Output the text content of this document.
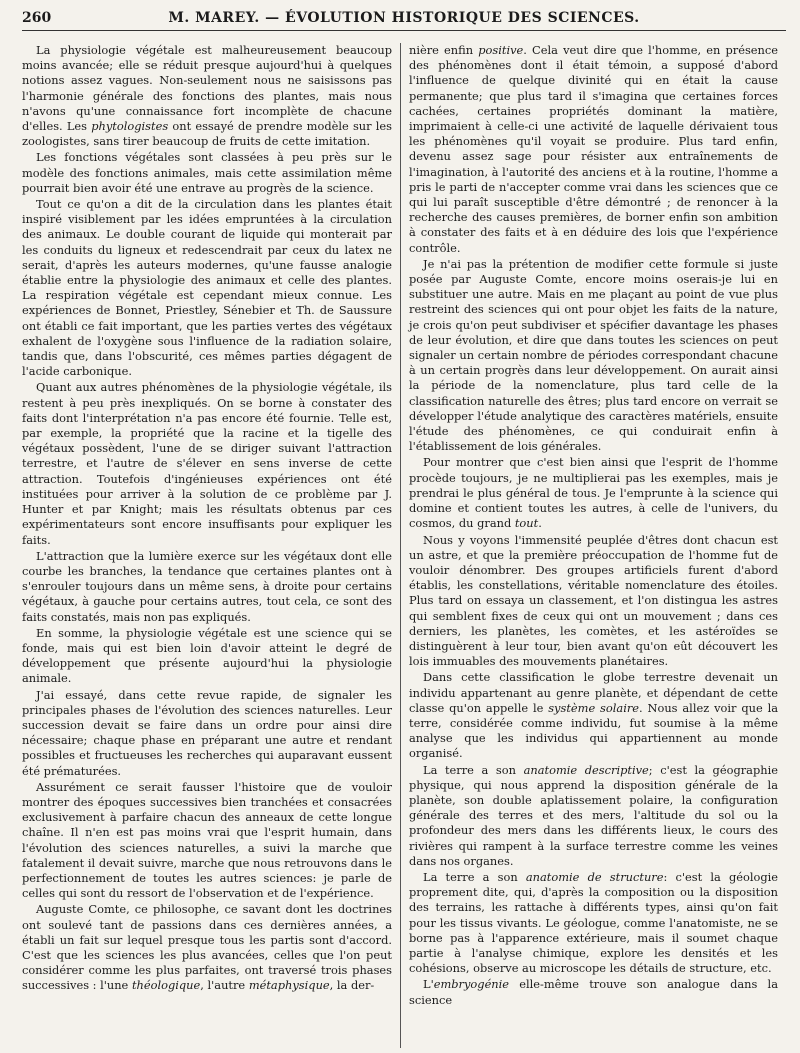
260	M. MAREY. — ÉVOLUTION HISTORIQUE DES SCIENCES.

La physiologie végétale est malheureusement beaucoup moins avancée; elle se réduit presque aujourd'hui à quelques notions assez vagues. Non-seulement nous ne saisissons pas l'harmonie générale des fonctions des plantes, mais nous n'avons qu'une connaissance fort incomplète de chacune d'elles. Les phytologistes ont essayé de prendre modèle sur les zoologistes, sans tirer beaucoup de fruits de cette imitation.

Les fonctions végétales sont classées à peu près sur le modèle des fonctions animales, mais cette assimilation même pourrait bien avoir été une entrave au progrès de la science.

Tout ce qu'on a dit de la circulation dans les plantes était inspiré visiblement par les idées empruntées à la circulation des animaux. Le double courant de liquide qui monterait par les conduits du ligneux et redescendrait par ceux du latex ne serait, d'après les auteurs modernes, qu'une fausse analogie établie entre la physiologie des animaux et celle des plantes. La respiration végétale est cependant mieux connue. Les expériences de Bonnet, Priestley, Sénebier et Th. de Saussure ont établi ce fait important, que les parties vertes des végétaux exhalent de l'oxygène sous l'influence de la radiation solaire, tandis que, dans l'obscurité, ces mêmes parties dégagent de l'acide carbonique.

Quant aux autres phénomènes de la physiologie végétale, ils restent à peu près inexpliqués. On se borne à constater des faits dont l'interprétation n'a pas encore été fournie. Telle est, par exemple, la propriété que la racine et la tigelle des végétaux possèdent, l'une de se diriger suivant l'attraction terrestre, et l'autre de s'élever en sens inverse de cette attraction. Toutefois d'ingénieuses expériences ont été instituées pour arriver à la solution de ce problème par J. Hunter et par Knight; mais les résultats obtenus par ces expérimentateurs sont encore insuffisants pour expliquer les faits.

L'attraction que la lumière exerce sur les végétaux dont elle courbe les branches, la tendance que certaines plantes ont à s'enrouler toujours dans un même sens, à droite pour certains végétaux, à gauche pour certains autres, tout cela, ce sont des faits constatés, mais non pas expliqués.

En somme, la physiologie végétale est une science qui se fonde, mais qui est bien loin d'avoir atteint le degré de développement que présente aujourd'hui la physiologie animale.

J'ai essayé, dans cette revue rapide, de signaler les principales phases de l'évolution des sciences naturelles. Leur succession devait se faire dans un ordre pour ainsi dire nécessaire; chaque phase en préparant une autre et rendant possibles et fructueuses les recherches qui auparavant eussent été prématurées.

Assurément ce serait fausser l'histoire que de vouloir montrer des époques successives bien tranchées et consacrées exclusivement à parfaire chacun des anneaux de cette longue chaîne. Il n'en est pas moins vrai que l'esprit humain, dans l'évolution des sciences naturelles, a suivi la marche que fatalement il devait suivre, marche que nous retrouvons dans le perfectionnement de toutes les autres sciences: je parle de celles qui sont du ressort de l'observation et de l'expérience.

Auguste Comte, ce philosophe, ce savant dont les doctrines ont soulevé tant de passions dans ces dernières années, a établi un fait sur lequel presque tous les partis sont d'accord. C'est que les sciences les plus avancées, celles que l'on peut considérer comme les plus parfaites, ont traversé trois phases successives : l'une théologique, l'autre métaphysique, la der-

nière enfin positive. Cela veut dire que l'homme, en présence des phénomènes dont il était témoin, a supposé d'abord l'influence de quelque divinité qui en était la cause permanente; que plus tard il s'imagina que certaines forces cachées, certaines propriétés dominant la matière, imprimaient à celle-ci une activité de laquelle dérivaient tous les phénomènes qu'il voyait se produire. Plus tard enfin, devenu assez sage pour résister aux entraînements de l'imagination, à l'autorité des anciens et à la routine, l'homme a pris le parti de n'accepter comme vrai dans les sciences que ce qui lui paraît susceptible d'être démontré ; de renoncer à la recherche des causes premières, de borner enfin son ambition à constater des faits et à en déduire des lois que l'expérience contrôle.

Je n'ai pas la prétention de modifier cette formule si juste posée par Auguste Comte, encore moins oserais-je lui en substituer une autre. Mais en me plaçant au point de vue plus restreint des sciences qui ont pour objet les faits de la nature, je crois qu'on peut subdiviser et spécifier davantage les phases de leur évolution, et dire que dans toutes les sciences on peut signaler un certain nombre de périodes correspondant chacune à un certain progrès dans leur développement. On aurait ainsi la période de la nomenclature, plus tard celle de la classification naturelle des êtres; plus tard encore on verrait se développer l'étude analytique des caractères matériels, ensuite l'étude des phénomènes, ce qui conduirait enfin à l'établissement de lois générales.

Pour montrer que c'est bien ainsi que l'esprit de l'homme procède toujours, je ne multiplierai pas les exemples, mais je prendrai le plus général de tous. Je l'emprunte à la science qui domine et contient toutes les autres, à celle de l'univers, du cosmos, du grand tout.

Nous y voyons l'immensité peuplée d'êtres dont chacun est un astre, et que la première préoccupation de l'homme fut de vouloir dénombrer. Des groupes artificiels furent d'abord établis, les constellations, véritable nomenclature des étoiles. Plus tard on essaya un classement, et l'on distingua les astres qui semblent fixes de ceux qui ont un mouvement ; dans ces derniers, les planètes, les comètes, et les astéroïdes se distinguèrent à leur tour, bien avant qu'on eût découvert les lois immuables des mouvements planétaires.

Dans cette classification le globe terrestre devenait un individu appartenant au genre planète, et dépendant de cette classe qu'on appelle le système solaire. Nous allez voir que la terre, considérée comme individu, fut soumise à la même analyse que les individus qui appartiennent au monde organisé.

La terre a son anatomie descriptive; c'est la géographie physique, qui nous apprend la disposition générale de la planète, son double aplatissement polaire, la configuration générale des terres et des mers, l'altitude du sol ou la profondeur des mers dans les différents lieux, le cours des rivières qui rampent à la surface terrestre comme les veines dans nos organes.

La terre a son anatomie de structure: c'est la géologie proprement dite, qui, d'après la composition ou la disposition des terrains, les rattache à différents types, ainsi qu'on fait pour les tissus vivants. Le géologue, comme l'anatomiste, ne se borne pas à l'apparence extérieure, mais il soumet chaque partie à l'analyse chimique, explore les densités et les cohésions, observe au microscope les détails de structure, etc.

L'embryogénie elle-même trouve son analogue dans la science
